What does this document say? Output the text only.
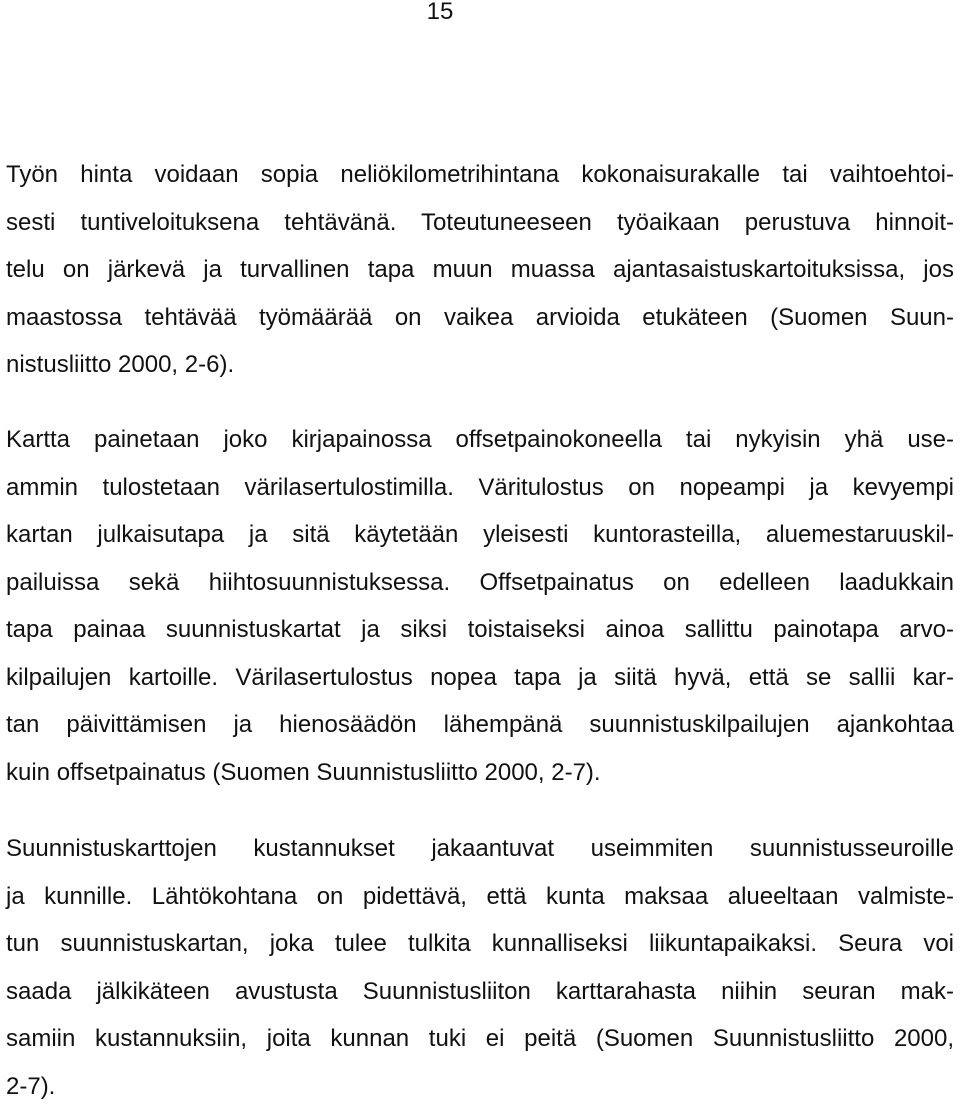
15
Työn hinta voidaan sopia neliökilometrihintana kokonaisurakalle tai vaihtoehtoi-
sesti tuntiveloituksena tehtävänä. Toteutuneeseen työaikaan perustuva hinnoit-
telu on järkevä ja turvallinen tapa muun muassa ajantasaistuskartoituksissa, jos
maastossa tehtävää työmäärää on vaikea arvioida etukäteen (Suomen Suun-
nistusliitto 2000, 2-6).
Kartta painetaan joko kirjapainossa offsetpainokoneella tai nykyisin yhä use-
ammin tulostetaan värilasertulostimilla. Väritulostus on nopeampi ja kevyempi
kartan julkaisutapa ja sitä käytetään yleisesti kuntorasteilla, aluemestaruuskil-
pailuissa sekä hiihtosuunnistuksessa. Offsetpainatus on edelleen laadukkain
tapa painaa suunnistuskartat ja siksi toistaiseksi ainoa sallittu painotapa arvo-
kilpailujen kartoille. Värilasertulostus nopea tapa ja siitä hyvä, että se sallii kar-
tan päivittämisen ja hienosäädön lähempänä suunnistuskilpailujen ajankohtaa
kuin offsetpainatus (Suomen Suunnistusliitto 2000, 2-7).
Suunnistuskarttojen kustannukset jakaantuvat useimmiten suunnistusseuroille
ja kunnille. Lähtökohtana on pidettävä, että kunta maksaa alueeltaan valmiste-
tun suunnistuskartan, joka tulee tulkita kunnalliseksi liikuntapaikaksi. Seura voi
saada jälkikäteen avustusta Suunnistusliiton karttarahasta niihin seuran mak-
samiin kustannuksiin, joita kunnan tuki ei peitä (Suomen Suunnistusliitto 2000,
2-7).
